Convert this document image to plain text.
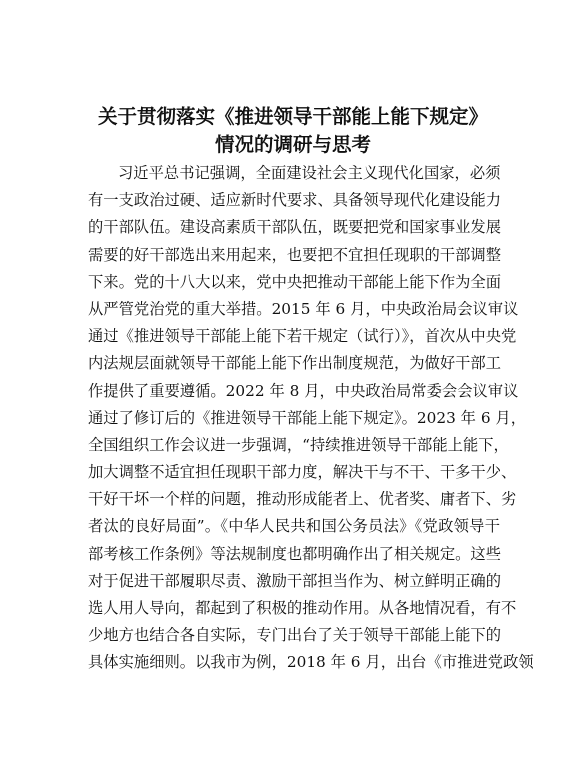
关于贯彻落实《推进领导干部能上能下规定》
情况的调研与思考
习近平总书记强调，全面建设社会主义现代化国家，必须
有一支政治过硬、适应新时代要求、具备领导现代化建设能力
的干部队伍。建设高素质干部队伍，既要把党和国家事业发展
需要的好干部选出来用起来，也要把不宜担任现职的干部调整
下来。党的十八大以来，党中央把推动干部能上能下作为全面
从严管党治党的重大举措。2015 年 6 月，中央政治局会议审议
通过《推进领导干部能上能下若干规定（试行）》，首次从中央党
内法规层面就领导干部能上能下作出制度规范，为做好干部工
作提供了重要遵循。2022 年 8 月，中央政治局常委会会议审议
通过了修订后的《推进领导干部能上能下规定》。2023 年 6 月，
全国组织工作会议进一步强调，“持续推进领导干部能上能下，
加大调整不适宜担任现职干部力度，解决干与不干、干多干少、
干好干坏一个样的问题，推动形成能者上、优者奖、庸者下、劣
者汰的良好局面”。《中华人民共和国公务员法》《党政领导干
部考核工作条例》等法规制度也都明确作出了相关规定。这些
对于促进干部履职尽责、激励干部担当作为、树立鲜明正确的
选人用人导向，都起到了积极的推动作用。从各地情况看，有不
少地方也结合各自实际，专门出台了关于领导干部能上能下的
具体实施细则。以我市为例，2018 年 6 月，出台《市推进党政领
